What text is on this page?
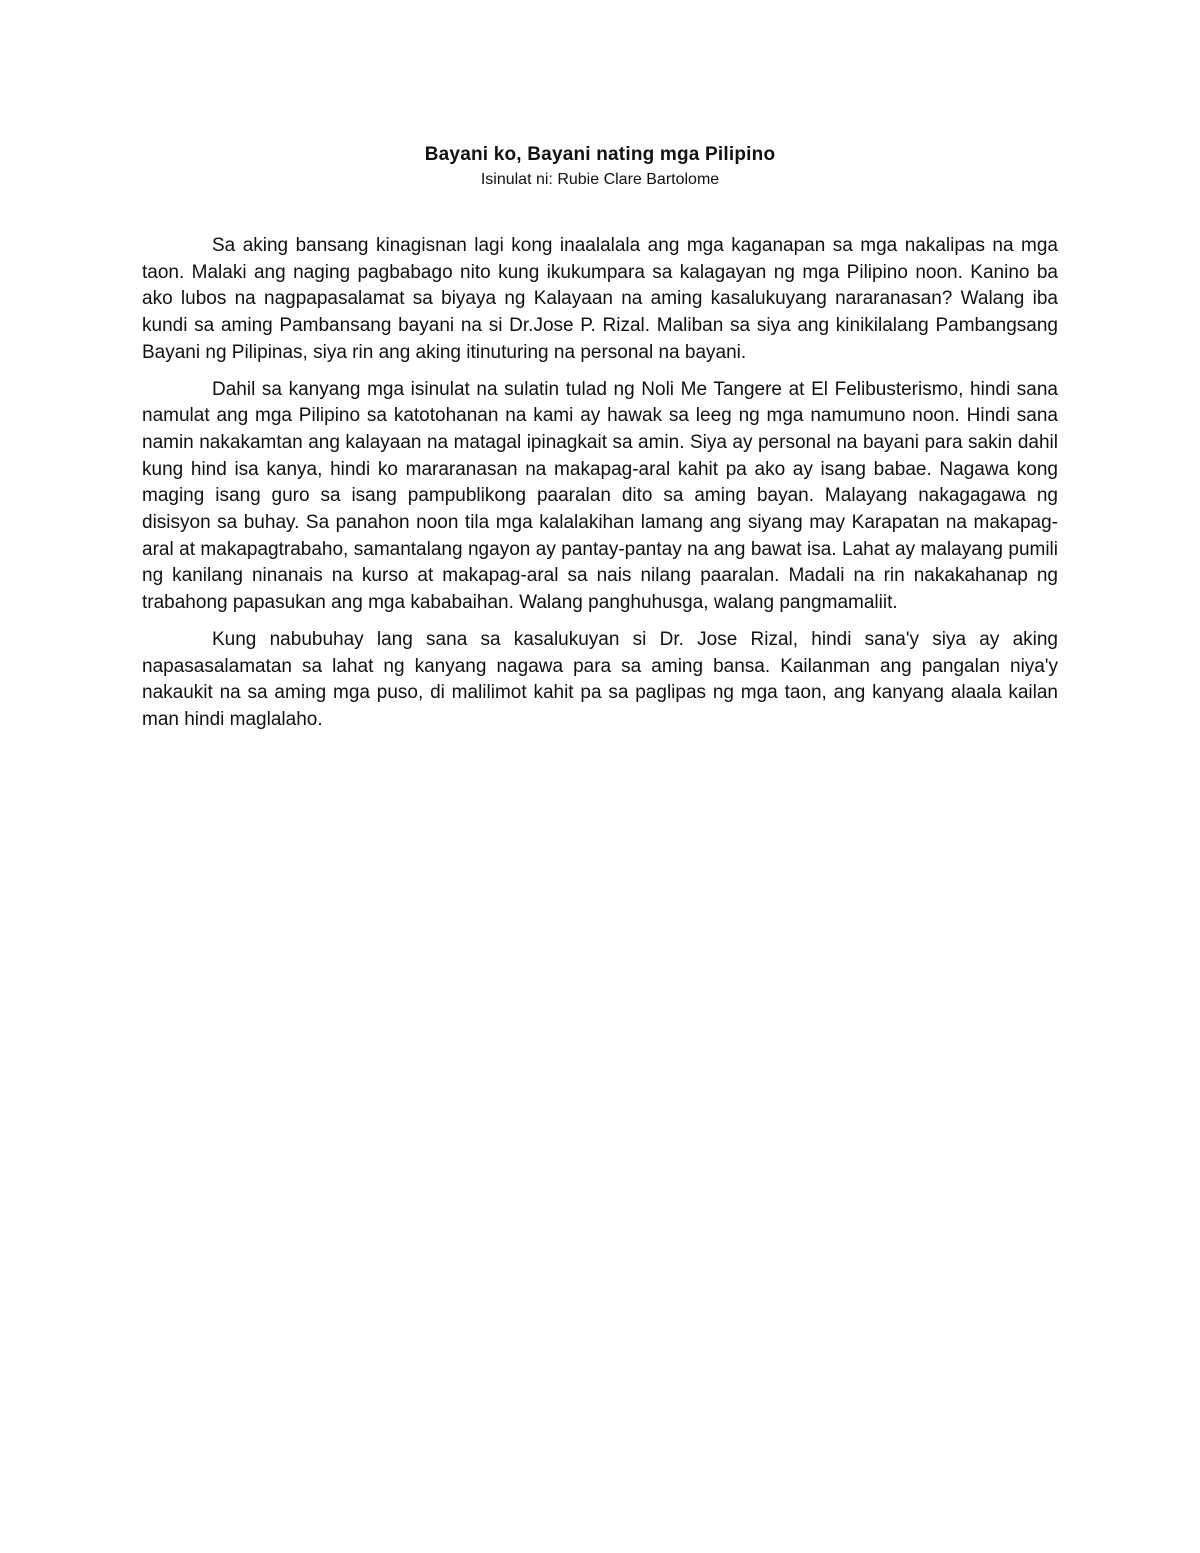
Bayani ko, Bayani nating mga Pilipino
Isinulat ni: Rubie Clare Bartolome

Sa aking bansang kinagisnan lagi kong inaalalala ang mga kaganapan sa mga nakalipas na mga taon. Malaki ang naging pagbabago nito kung ikukumpara sa kalagayan ng mga Pilipino noon. Kanino ba ako lubos na nagpapasalamat sa biyaya ng Kalayaan na aming kasalukuyang nararanasan? Walang iba kundi sa aming Pambansang bayani na si Dr.Jose P. Rizal. Maliban sa siya ang kinikilalang Pambangsang Bayani ng Pilipinas, siya rin ang aking itinuturing na personal na bayani.

Dahil sa kanyang mga isinulat na sulatin tulad ng Noli Me Tangere at El Felibusterismo, hindi sana namulat ang mga Pilipino sa katotohanan na kami ay hawak sa leeg ng mga namumuno noon. Hindi sana namin nakakamtan ang kalayaan na matagal ipinagkait sa amin. Siya ay personal na bayani para sakin dahil kung hind isa kanya, hindi ko mararanasan na makapag-aral kahit pa ako ay isang babae. Nagawa kong maging isang guro sa isang pampublikong paaralan dito sa aming bayan. Malayang nakagagawa ng disisyon sa buhay. Sa panahon noon tila mga kalalakihan lamang ang siyang may Karapatan na makapag-aral at makapagtrabaho, samantalang ngayon ay pantay-pantay na ang bawat isa. Lahat ay malayang pumili ng kanilang ninanais na kurso at makapag-aral sa nais nilang paaralan. Madali na rin nakakahanap ng trabahong papasukan ang mga kababaihan. Walang panghuhusga, walang pangmamaliit.

Kung nabubuhay lang sana sa kasalukuyan si Dr. Jose Rizal, hindi sana'y siya ay aking napasasalamatan sa lahat ng kanyang nagawa para sa aming bansa. Kailanman ang pangalan niya'y nakaukit na sa aming mga puso, di malilimot kahit pa sa paglipas ng mga taon, ang kanyang alaala kailan man hindi maglalaho.
